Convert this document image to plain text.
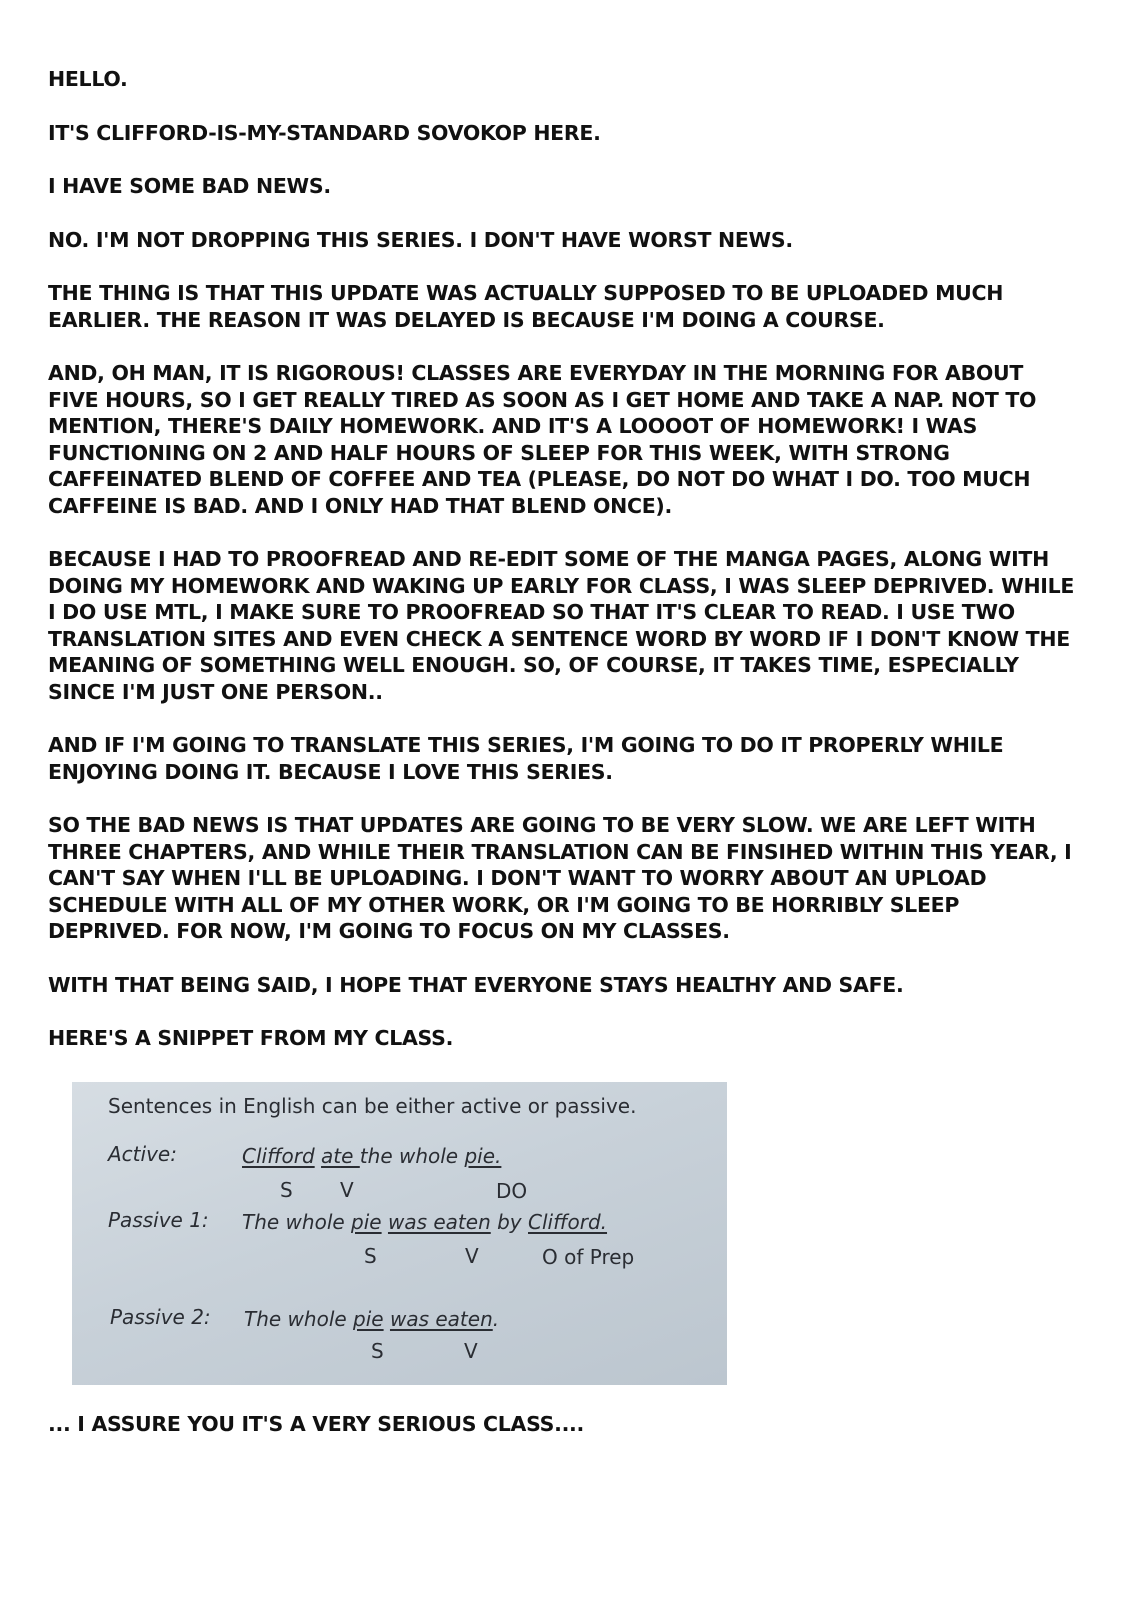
HELLO.

IT'S CLIFFORD-IS-MY-STANDARD SOVOKOP HERE.

I HAVE SOME BAD NEWS.

NO. I'M NOT DROPPING THIS SERIES. I DON'T HAVE WORST NEWS.

THE THING IS THAT THIS UPDATE WAS ACTUALLY SUPPOSED TO BE UPLOADED MUCH EARLIER. THE REASON IT WAS DELAYED IS BECAUSE I'M DOING A COURSE.

AND, OH MAN, IT IS RIGOROUS! CLASSES ARE EVERYDAY IN THE MORNING FOR ABOUT FIVE HOURS, SO I GET REALLY TIRED AS SOON AS I GET HOME AND TAKE A NAP. NOT TO MENTION, THERE'S DAILY HOMEWORK. AND IT'S A LOOOOT OF HOMEWORK! I WAS FUNCTIONING ON 2 AND HALF HOURS OF SLEEP FOR THIS WEEK, WITH STRONG CAFFEINATED BLEND OF COFFEE AND TEA (PLEASE, DO NOT DO WHAT I DO. TOO MUCH CAFFEINE IS BAD. AND I ONLY HAD THAT BLEND ONCE).

BECAUSE I HAD TO PROOFREAD AND RE-EDIT SOME OF THE MANGA PAGES, ALONG WITH DOING MY HOMEWORK AND WAKING UP EARLY FOR CLASS, I WAS SLEEP DEPRIVED. WHILE I DO USE MTL, I MAKE SURE TO PROOFREAD SO THAT IT'S CLEAR TO READ. I USE TWO TRANSLATION SITES AND EVEN CHECK A SENTENCE WORD BY WORD IF I DON'T KNOW THE MEANING OF SOMETHING WELL ENOUGH. SO, OF COURSE, IT TAKES TIME, ESPECIALLY SINCE I'M JUST ONE PERSON..

AND IF I'M GOING TO TRANSLATE THIS SERIES, I'M GOING TO DO IT PROPERLY WHILE ENJOYING DOING IT. BECAUSE I LOVE THIS SERIES.

SO THE BAD NEWS IS THAT UPDATES ARE GOING TO BE VERY SLOW. WE ARE LEFT WITH THREE CHAPTERS, AND WHILE THEIR TRANSLATION CAN BE FINSIHED WITHIN THIS YEAR, I CAN'T SAY WHEN I'LL BE UPLOADING. I DON'T WANT TO WORRY ABOUT AN UPLOAD SCHEDULE WITH ALL OF MY OTHER WORK, OR I'M GOING TO BE HORRIBLY SLEEP DEPRIVED. FOR NOW, I'M GOING TO FOCUS ON MY CLASSES.

WITH THAT BEING SAID, I HOPE THAT EVERYONE STAYS HEALTHY AND SAFE.

HERE'S A SNIPPET FROM MY CLASS.

Sentences in English can be either active or passive.
Active:	Clifford ate the whole pie.
S V	DO
Passive 1: The whole pie was eaten by Clifford.
S	V	O of Prep
Passive 2: The whole pie was eaten.
S	V

... I ASSURE YOU IT'S A VERY SERIOUS CLASS....
